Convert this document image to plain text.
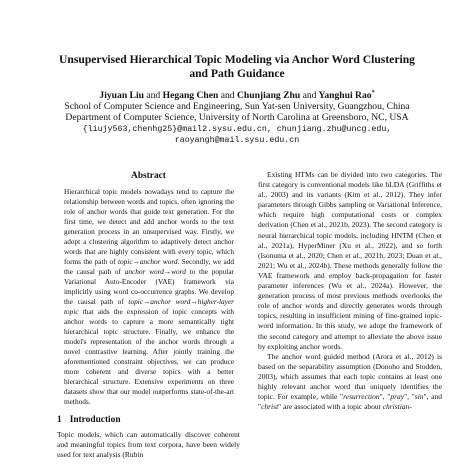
Unsupervised Hierarchical Topic Modeling via Anchor Word Clustering
and Path Guidance
Jiyuan Liu and Hegang Chen and Chunjiang Zhu and Yanghui Rao*
School of Computer Science and Engineering, Sun Yat-sen University, Guangzhou, China
Department of Computer Science, University of North Carolina at Greensboro, NC, USA
{liujy563,chenhg25}@mail2.sysu.edu.cn, chunjiang.zhu@uncg.edu,
raoyangh@mail.sysu.edu.cn
Abstract

Hierarchical topic models nowadays tend to capture the relationship between words and topics, often ignoring the role of anchor words that guide text generation. For the first time, we detect and add anchor words to the text generation process in an unsupervised way. Firstly, we adopt a clustering algorithm to adaptively detect anchor words that are highly consistent with every topic, which forms the path of topic→anchor word. Secondly, we add the causal path of anchor word→word to the popular Variational Auto-Encoder (VAE) framework via implicitly using word co-occurrence graphs. We develop the causal path of topic→anchor word→higher-layer topic that aids the expression of topic concepts with anchor words to capture a more semantically tight hierarchical topic structure. Finally, we enhance the model's representation of the anchor words through a novel contrastive learning. After jointly training the aforementioned constraint objectives, we can produce more coherent and diverse topics with a better hierarchical structure. Extensive experiments on three datasets show that our model outperforms state-of-the-art methods.

1 Introduction

Topic models, which can automatically discover coherent and meaningful topics from text corpora, have been widely used for text analysis (Rubin

Existing HTMs can be divided into two categories. The first category is conventional models like hLDA (Griffiths et al., 2003) and its variants (Kim et al., 2012). They infer parameters through Gibbs sampling or Variational Inference, which require high computational costs or complex derivation (Chen et al., 2021b, 2023). The second category is neural hierarchical topic models, including HNTM (Chen et al., 2021a), HyperMiner (Xu et al., 2022), and so forth (Isonuma et al., 2020; Chen et al., 2021b, 2023; Duan et al., 2021; Wu et al., 2024b). These methods generally follow the VAE framework and employ back-propagation for faster parameter inferences (Wu et al., 2024a). However, the generation process of most previous methods overlooks the role of anchor words and directly generates words through topics, resulting in insufficient mining of fine-grained topic-word information. In this study, we adopt the framework of the second category and attempt to alleviate the above issue by exploiting anchor words.

The anchor word guided method (Arora et al., 2012) is based on the separability assumption (Donoho and Stodden, 2003), which assumes that each topic contains at least one highly relevant anchor word that uniquely identifies the topic. For example, while "resurrection", "pray", "sin", and "christ" are associated with a topic about christian-
